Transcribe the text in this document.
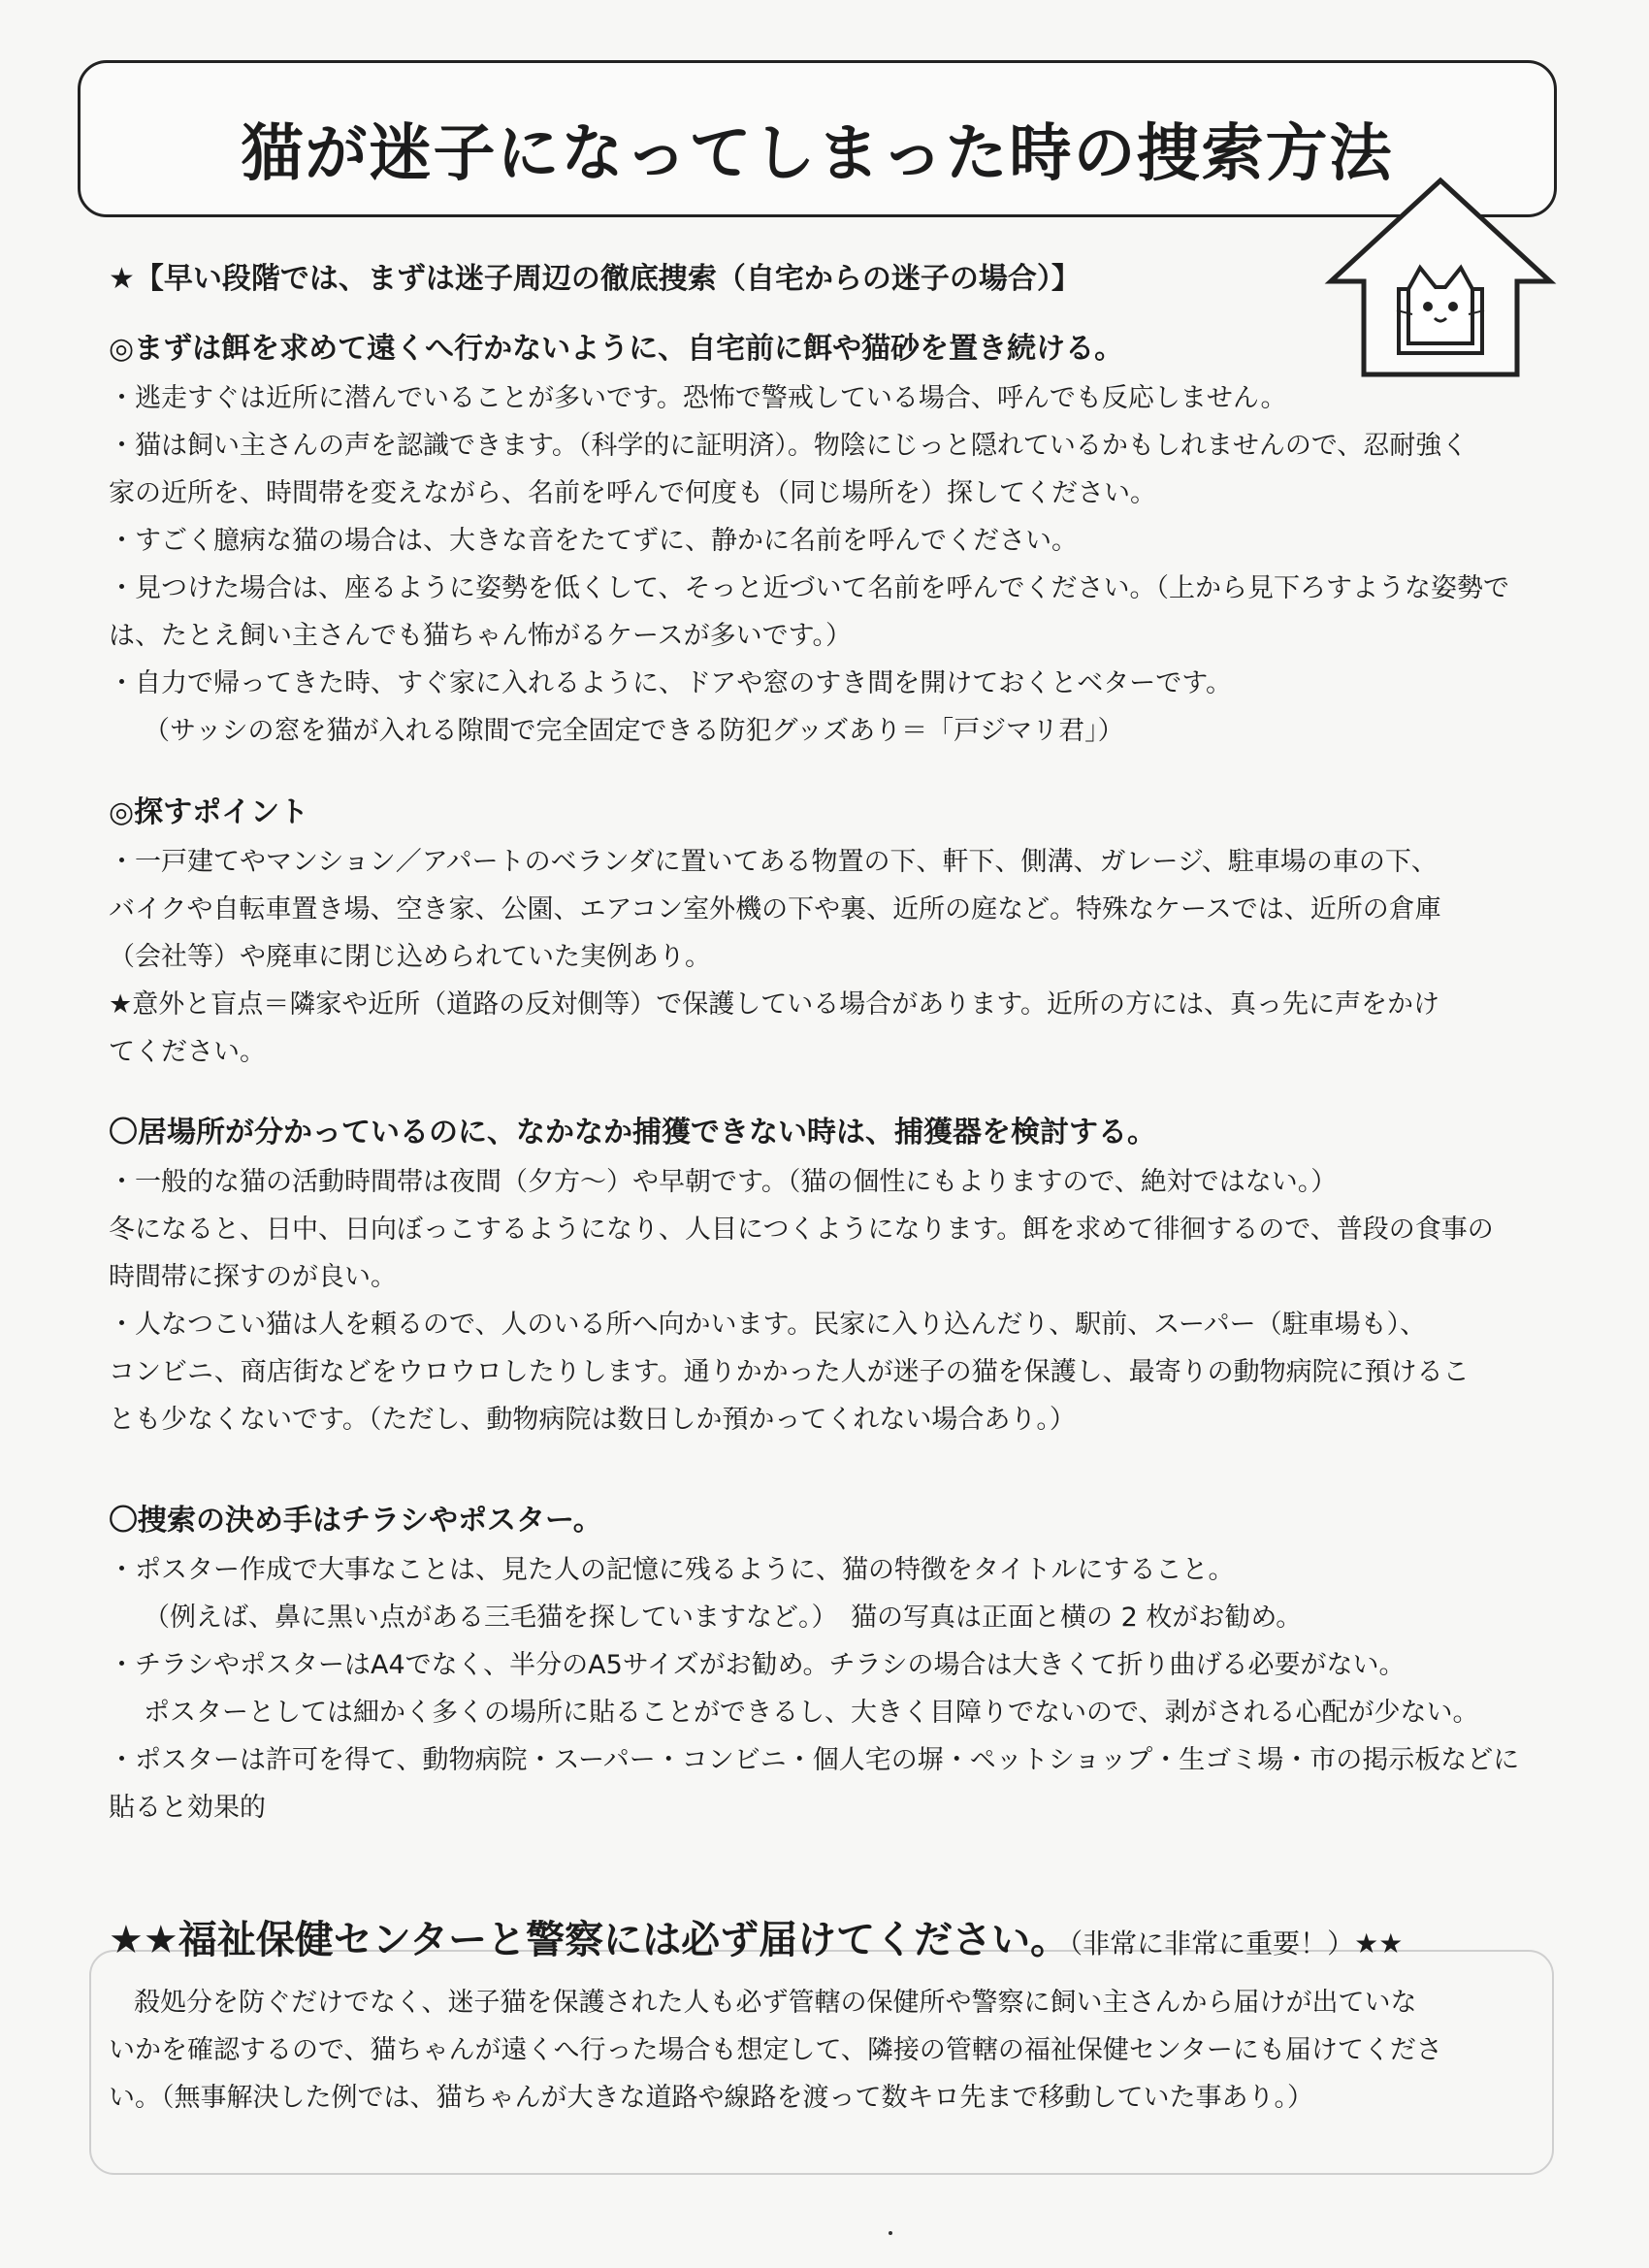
猫が迷子になってしまった時の捜索方法
★【早い段階では、まずは迷子周辺の徹底捜索（自宅からの迷子の場合）】
◎まずは餌を求めて遠くへ行かないように、自宅前に餌や猫砂を置き続ける。
・逃走すぐは近所に潜んでいることが多いです。恐怖で警戒している場合、呼んでも反応しません。
・猫は飼い主さんの声を認識できます。（科学的に証明済）。物陰にじっと隠れているかもしれませんので、忍耐強く
家の近所を、時間帯を変えながら、名前を呼んで何度も（同じ場所を）探してください。
・すごく臆病な猫の場合は、大きな音をたてずに、静かに名前を呼んでください。
・見つけた場合は、座るように姿勢を低くして、そっと近づいて名前を呼んでください。（上から見下ろすような姿勢で
は、たとえ飼い主さんでも猫ちゃん怖がるケースが多いです。）
・自力で帰ってきた時、すぐ家に入れるように、ドアや窓のすき間を開けておくとベターです。
（サッシの窓を猫が入れる隙間で完全固定できる防犯グッズあり＝「戸ジマリ君」）
◎探すポイント
・一戸建てやマンション／アパートのベランダに置いてある物置の下、軒下、側溝、ガレージ、駐車場の車の下、
バイクや自転車置き場、空き家、公園、エアコン室外機の下や裏、近所の庭など。特殊なケースでは、近所の倉庫
（会社等）や廃車に閉じ込められていた実例あり。
★意外と盲点＝隣家や近所（道路の反対側等）で保護している場合があります。近所の方には、真っ先に声をかけ
てください。
〇居場所が分かっているのに、なかなか捕獲できない時は、捕獲器を検討する。
・一般的な猫の活動時間帯は夜間（夕方～）や早朝です。（猫の個性にもよりますので、絶対ではない。）
冬になると、日中、日向ぼっこするようになり、人目につくようになります。餌を求めて徘徊するので、普段の食事の
時間帯に探すのが良い。
・人なつこい猫は人を頼るので、人のいる所へ向かいます。民家に入り込んだり、駅前、スーパー（駐車場も）、
コンビニ、商店街などをウロウロしたりします。通りかかった人が迷子の猫を保護し、最寄りの動物病院に預けるこ
とも少なくないです。（ただし、動物病院は数日しか預かってくれない場合あり。）
〇捜索の決め手はチラシやポスター。
・ポスター作成で大事なことは、見た人の記憶に残るように、猫の特徴をタイトルにすること。
（例えば、鼻に黒い点がある三毛猫を探していますなど。）　猫の写真は正面と横の 2 枚がお勧め。
・チラシやポスターはA4でなく、半分のA5サイズがお勧め。チラシの場合は大きくて折り曲げる必要がない。
ポスターとしては細かく多くの場所に貼ることができるし、大きく目障りでないので、剥がされる心配が少ない。
・ポスターは許可を得て、動物病院・スーパー・コンビニ・個人宅の塀・ペットショップ・生ゴミ場・市の掲示板などに
貼ると効果的
★★福祉保健センターと警察には必ず届けてください。（非常に非常に重要！）★★
殺処分を防ぐだけでなく、迷子猫を保護された人も必ず管轄の保健所や警察に飼い主さんから届けが出ていな
いかを確認するので、猫ちゃんが遠くへ行った場合も想定して、隣接の管轄の福祉保健センターにも届けてくださ
い。（無事解決した例では、猫ちゃんが大きな道路や線路を渡って数キロ先まで移動していた事あり。）
